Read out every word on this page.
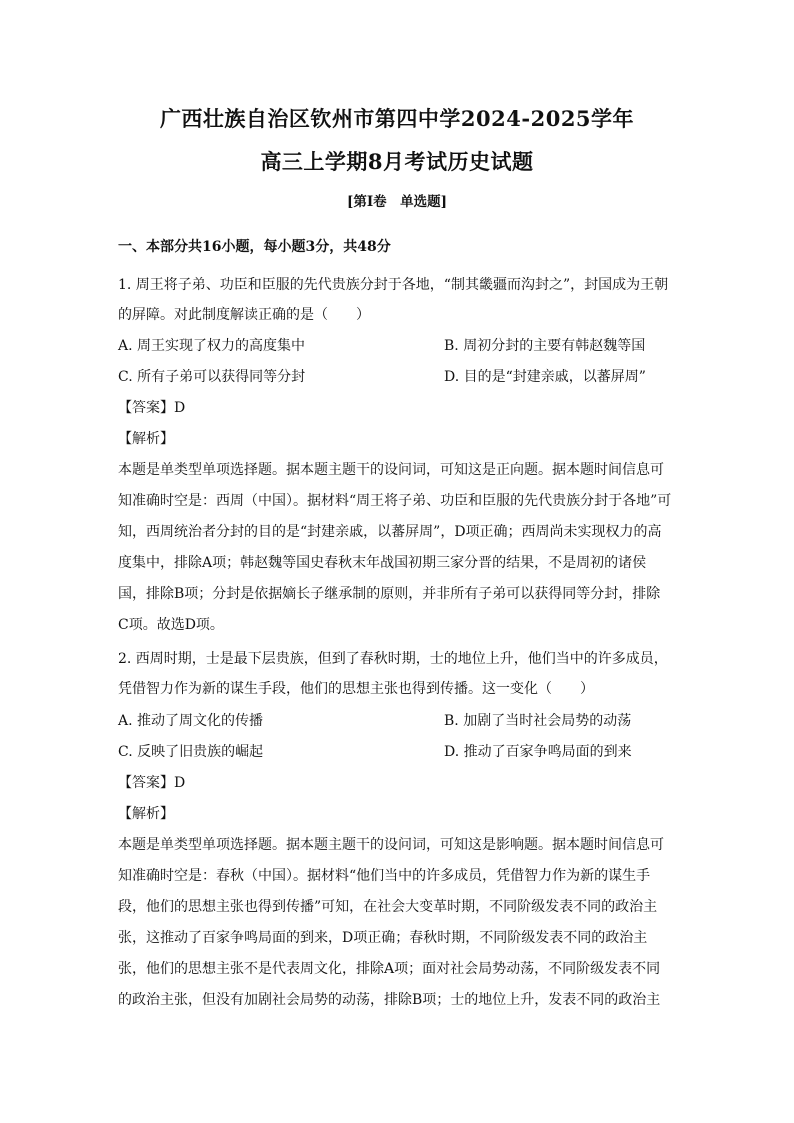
广西壮族自治区钦州市第四中学2024-2025学年
高三上学期8月考试历史试题
[第I卷　单选题]
一、本部分共16小题，每小题3分，共48分
1. 周王将子弟、功臣和臣服的先代贵族分封于各地，“制其畿疆而沟封之”，封国成为王朝
的屏障。对此制度解读正确的是（　　）
A. 周王实现了权力的高度集中	B. 周初分封的主要有韩赵魏等国
C. 所有子弟可以获得同等分封	D. 目的是“封建亲戚，以蕃屏周”
【答案】D
【解析】
本题是单类型单项选择题。据本题主题干的设问词，可知这是正向题。据本题时间信息可
知准确时空是：西周（中国）。据材料“周王将子弟、功臣和臣服的先代贵族分封于各地”可
知，西周统治者分封的目的是“封建亲戚，以蕃屏周”，D项正确；西周尚未实现权力的高
度集中，排除A项；韩赵魏等国史春秋末年战国初期三家分晋的结果，不是周初的诸侯
国，排除B项；分封是依据嫡长子继承制的原则，并非所有子弟可以获得同等分封，排除
C项。故选D项。
2. 西周时期，士是最下层贵族，但到了春秋时期，士的地位上升，他们当中的许多成员，
凭借智力作为新的谋生手段，他们的思想主张也得到传播。这一变化（　　）
A. 推动了周文化的传播	B. 加剧了当时社会局势的动荡
C. 反映了旧贵族的崛起	D. 推动了百家争鸣局面的到来
【答案】D
【解析】
本题是单类型单项选择题。据本题主题干的设问词，可知这是影响题。据本题时间信息可
知准确时空是：春秋（中国）。据材料“他们当中的许多成员，凭借智力作为新的谋生手
段，他们的思想主张也得到传播”可知，在社会大变革时期，不同阶级发表不同的政治主
张，这推动了百家争鸣局面的到来，D项正确；春秋时期，不同阶级发表不同的政治主
张，他们的思想主张不是代表周文化，排除A项；面对社会局势动荡，不同阶级发表不同
的政治主张，但没有加剧社会局势的动荡，排除B项；士的地位上升，发表不同的政治主
